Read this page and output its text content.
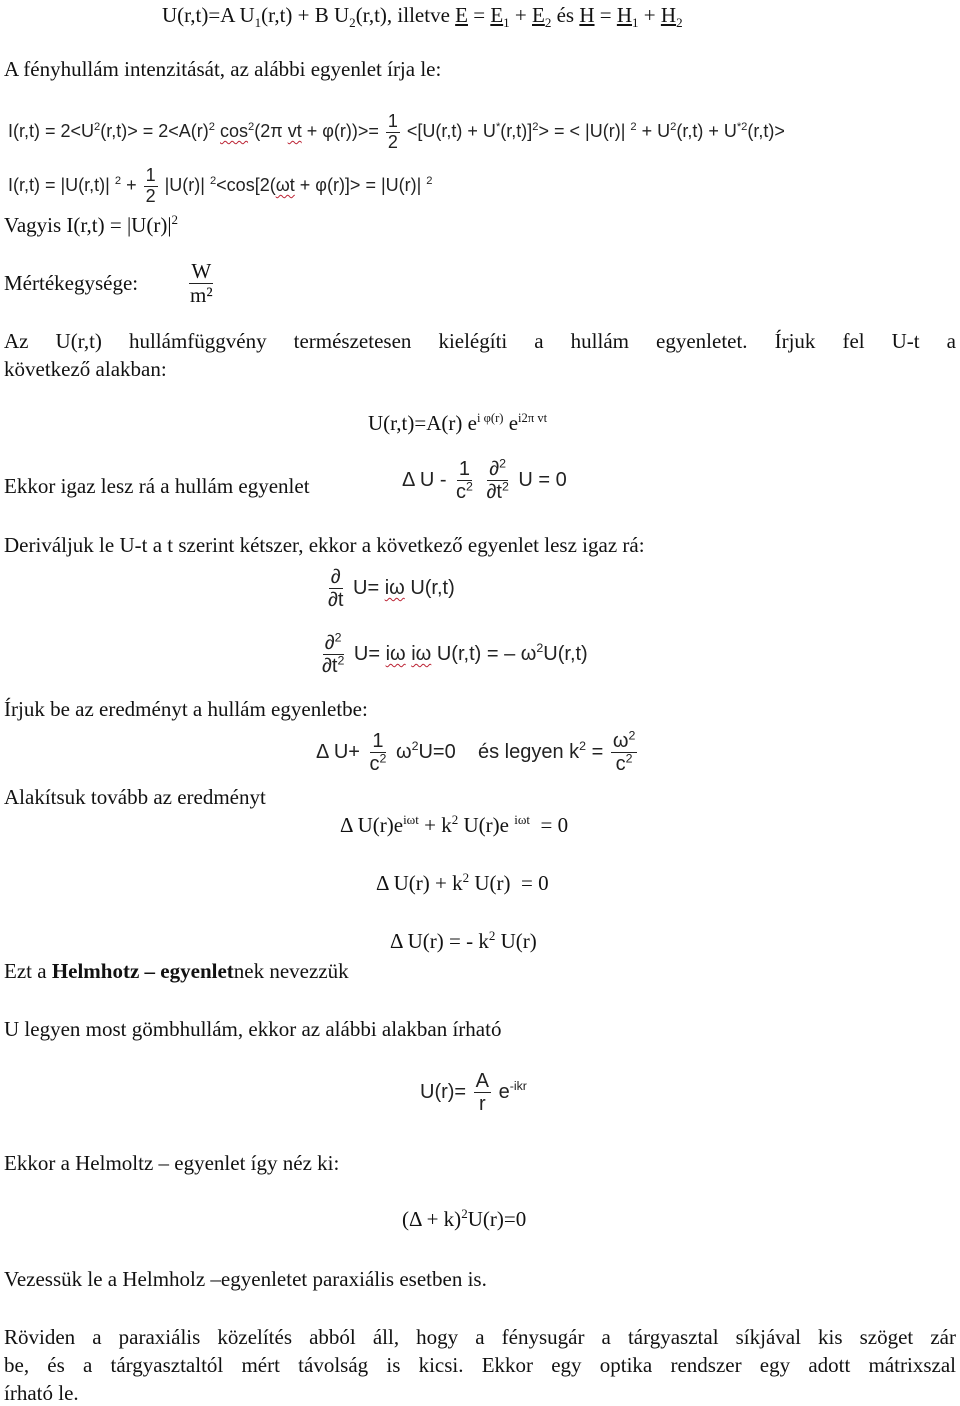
U(r,t)=A $U_1(r,t) + B$ $U_2(r,t)$, illetve $E = E_1 + E_2$ és $H = H_1 + H_2$
A fényhullám intenzitását, az alábbi egyenlet írja le:
$I(r,t) = 2<U^2(r,t)> = 2<A(r)^2$ $\cos^2(2\pi$ vt + $\varphi(r))>= \frac{1}{2} <[U(r,t) + U^*(r,t)]^2>$ = < |U(r)| $^2 + U^2(r,t) + U^{*2}(r,t)>$
I(r,t) = |U(r,t)| $^2 + \frac{1}{2} |U(r)|$ $^2$<cos[2(ωt + φ(r)]> = |U(r)| $^2$
Vagyis $I(r,t) = |U(r)|^2$
Mértékegysége: $\frac{W}{\text{m²}}$
Az U(r,t) hullámfüggvény természetesen kielégíti a hullám egyenletet. Írjuk fel U-t a
következő alakban:
U(r,t)=A(r) $e^{i \varphi(r)}$ $e^{i2\pi vt}$
Ekkor igaz lesz rá a hullám egyenlet	Δ U - $\frac{1}{c^2}$
$\frac{\partial^2}{\partial t^2}$ U = 0
Deriváljuk le U-t a t szerint kétszer, ekkor a következő egyenlet lesz igaz rá:
$\frac{\partial}{\partial t} U= i\omega$ U(r,t)
$\frac{\partial^2}{\partial t^2} U= i\omega$ iω U(r,t) = – $\omega^2U(r,t)$
Írjuk be az eredményt a hullám egyenletbe:
Δ $U+ \frac{1}{c^2} \omega^2U=0$    és legyen $k^2 = \frac{\omega^2}{c^2}$
Alakítsuk tovább az eredményt
Δ $U(r)e^{i\omega t} + k^2$ U(r)e $^{i\omega t}$  = 0
Δ $U(r) + k^2$ U(r)  = 0
Δ U(r) = - $k^2$ U(r)
Ezt a Helmhotz – egyenletnek nevezzük
U legyen most gömbhullám, ekkor az alábbi alakban írható
$U(r)= \frac{A}{r} e^{-ikr}$
Ekkor a Helmoltz – egyenlet így néz ki:
$(\Delta + k)^2U(r)=0$
Vezessük le a Helmholz –egyenletet paraxiális esetben is.
Röviden a paraxiális közelítés abból áll, hogy a fénysugár a tárgyasztal síkjával kis szöget zár
be, és a tárgyasztaltól mért távolság is kicsi. Ekkor egy optika rendszer egy adott mátrixszal
írható le.
